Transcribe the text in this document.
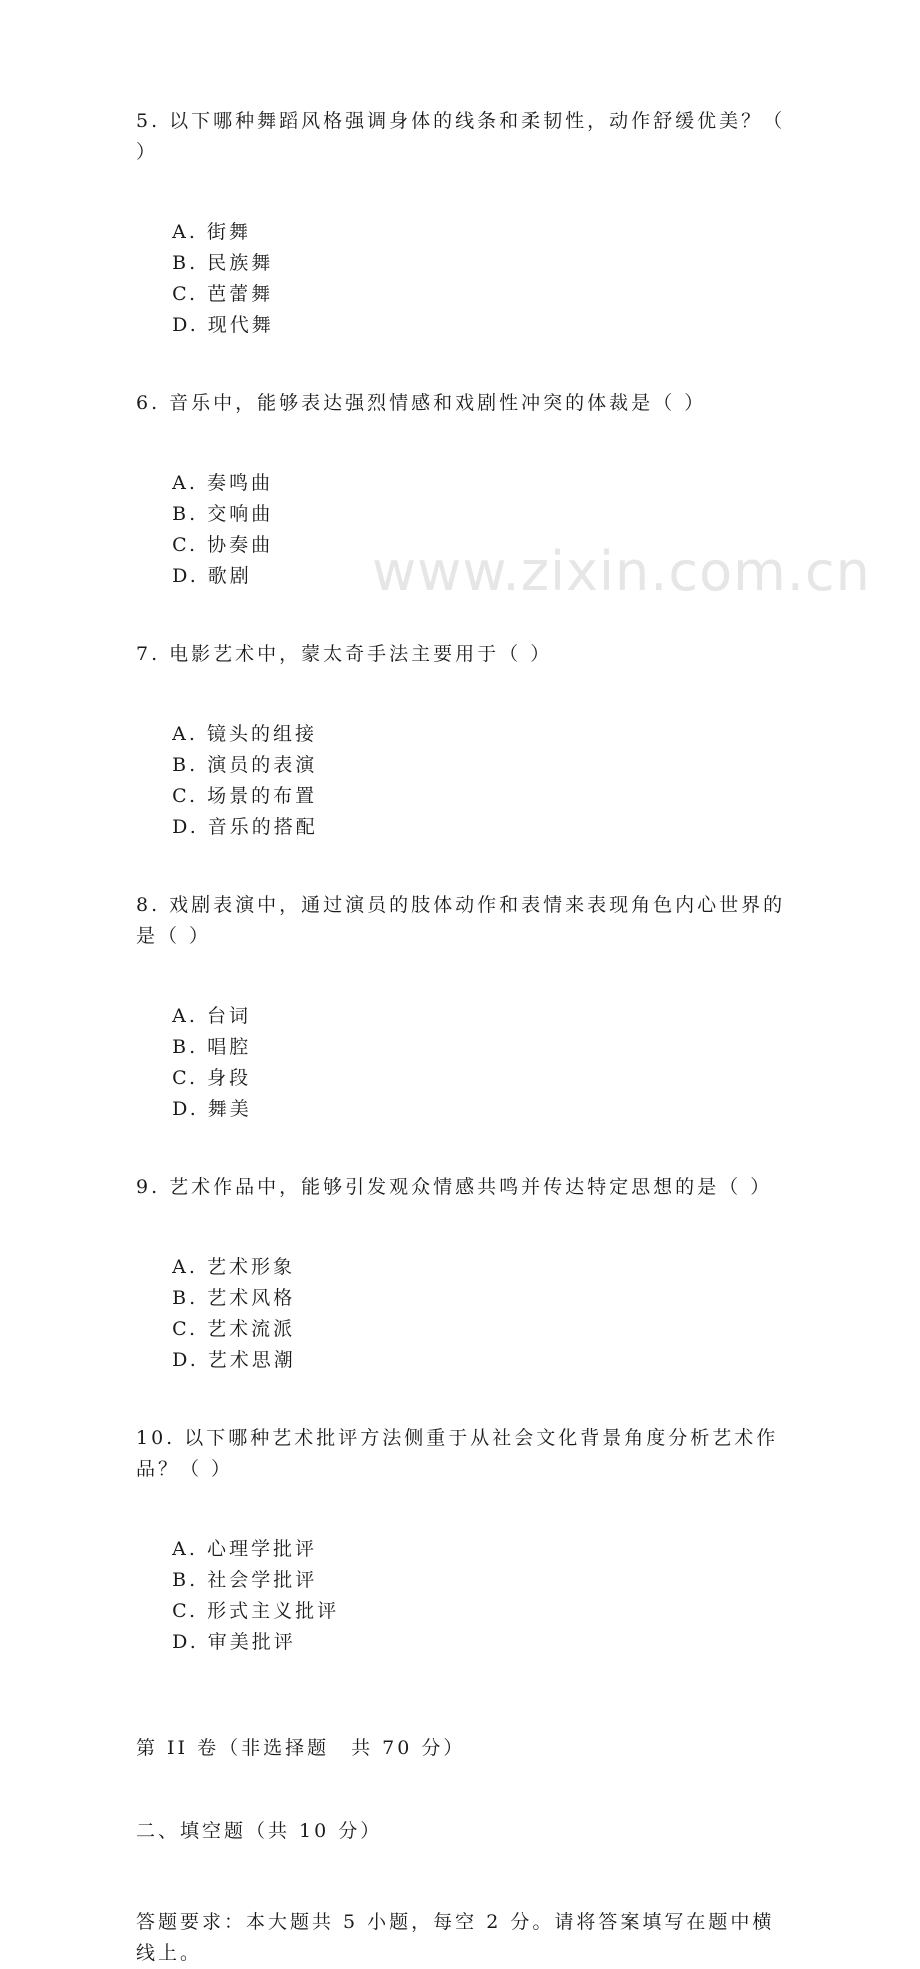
www.zixin.com.cn
5. 以下哪种舞蹈风格强调身体的线条和柔韧性，动作舒缓优美？（ ）

A. 街舞
B. 民族舞
C. 芭蕾舞
D. 现代舞

6. 音乐中，能够表达强烈情感和戏剧性冲突的体裁是（ ）

A. 奏鸣曲
B. 交响曲
C. 协奏曲
D. 歌剧

7. 电影艺术中，蒙太奇手法主要用于（ ）

A. 镜头的组接
B. 演员的表演
C. 场景的布置
D. 音乐的搭配

8. 戏剧表演中，通过演员的肢体动作和表情来表现角色内心世界的是（ ）

A. 台词
B. 唱腔
C. 身段
D. 舞美

9. 艺术作品中，能够引发观众情感共鸣并传达特定思想的是（ ）

A. 艺术形象
B. 艺术风格
C. 艺术流派
D. 艺术思潮

10. 以下哪种艺术批评方法侧重于从社会文化背景角度分析艺术作品？（ ）

A. 心理学批评
B. 社会学批评
C. 形式主义批评
D. 审美批评

第 II 卷（非选择题　共 70 分）
二、填空题（共 10 分）
答题要求：本大题共 5 小题，每空 2 分。请将答案填写在题中横线上。
